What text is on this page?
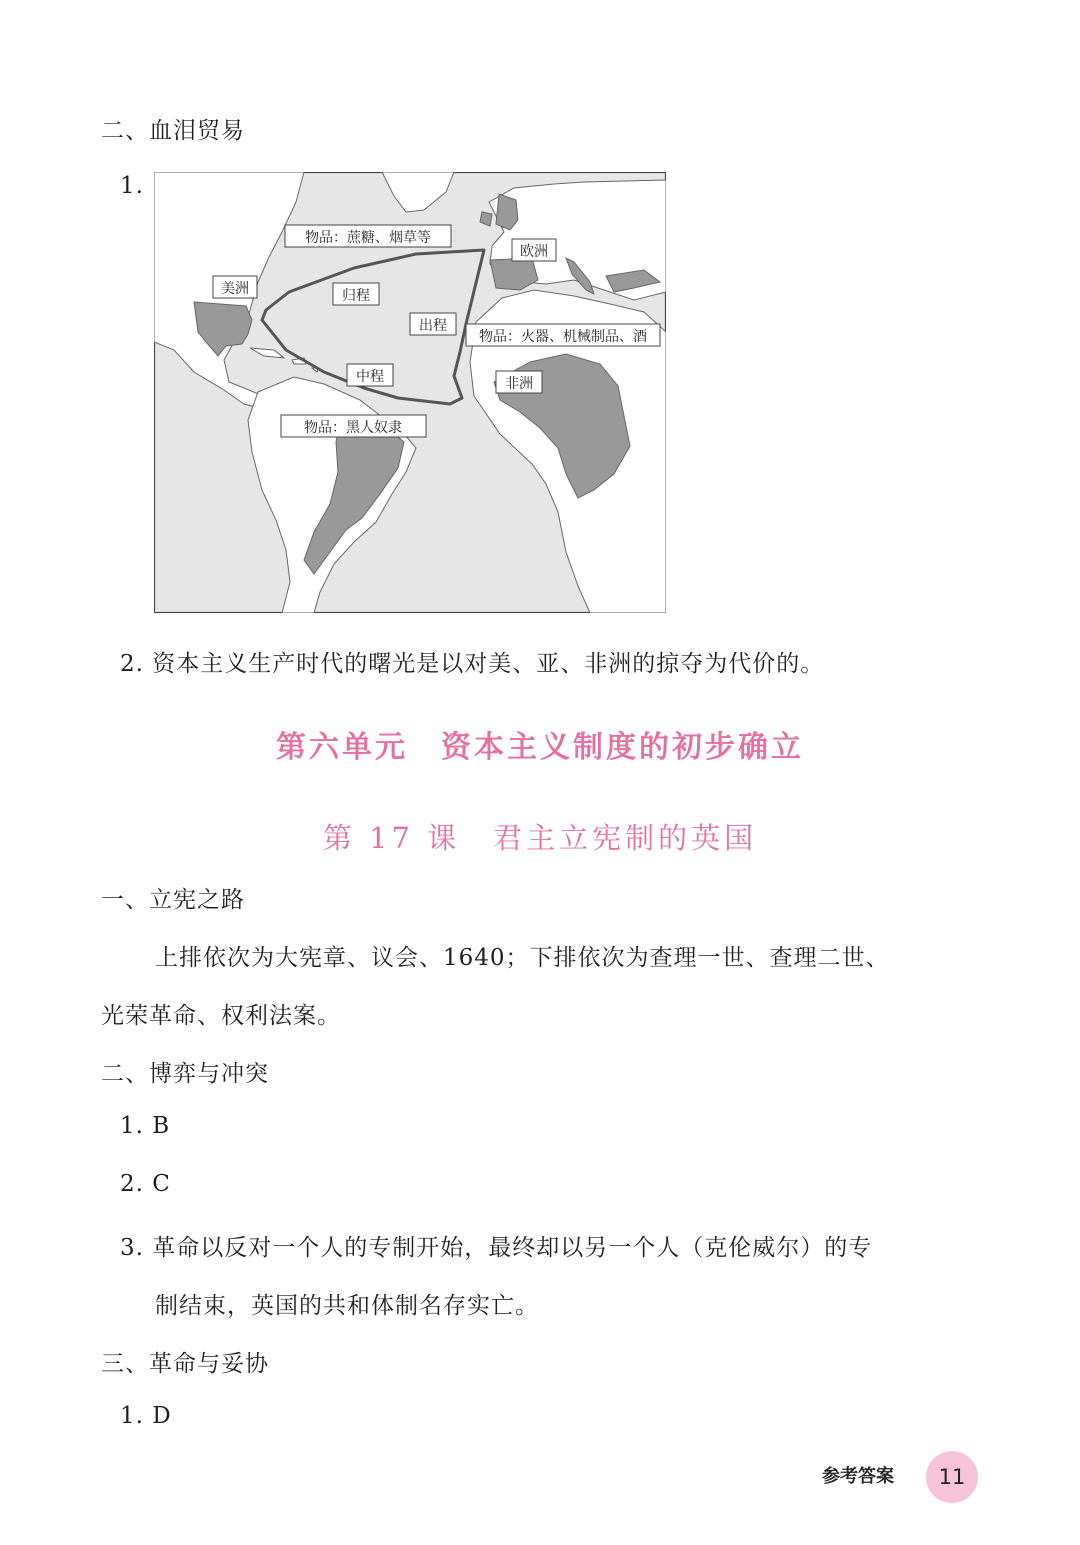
二、血泪贸易
1.
物品：蔗糖、烟草等
欧洲
美洲	归程
出程
物品：火器、机械制品、酒
中程	非洲
物品：黑人奴隶
2. 资本主义生产时代的曙光是以对美、亚、非洲的掠夺为代价的。
第六单元　资本主义制度的初步确立
第 17 课　君主立宪制的英国
一、立宪之路
上排依次为大宪章、议会、1640；下排依次为查理一世、查理二世、
光荣革命、权利法案。
二、博弈与冲突
1. B
2. C
3. 革命以反对一个人的专制开始，最终却以另一个人（克伦威尔）的专
制结束，英国的共和体制名存实亡。
三、革命与妥协
1. D
参考答案	11
